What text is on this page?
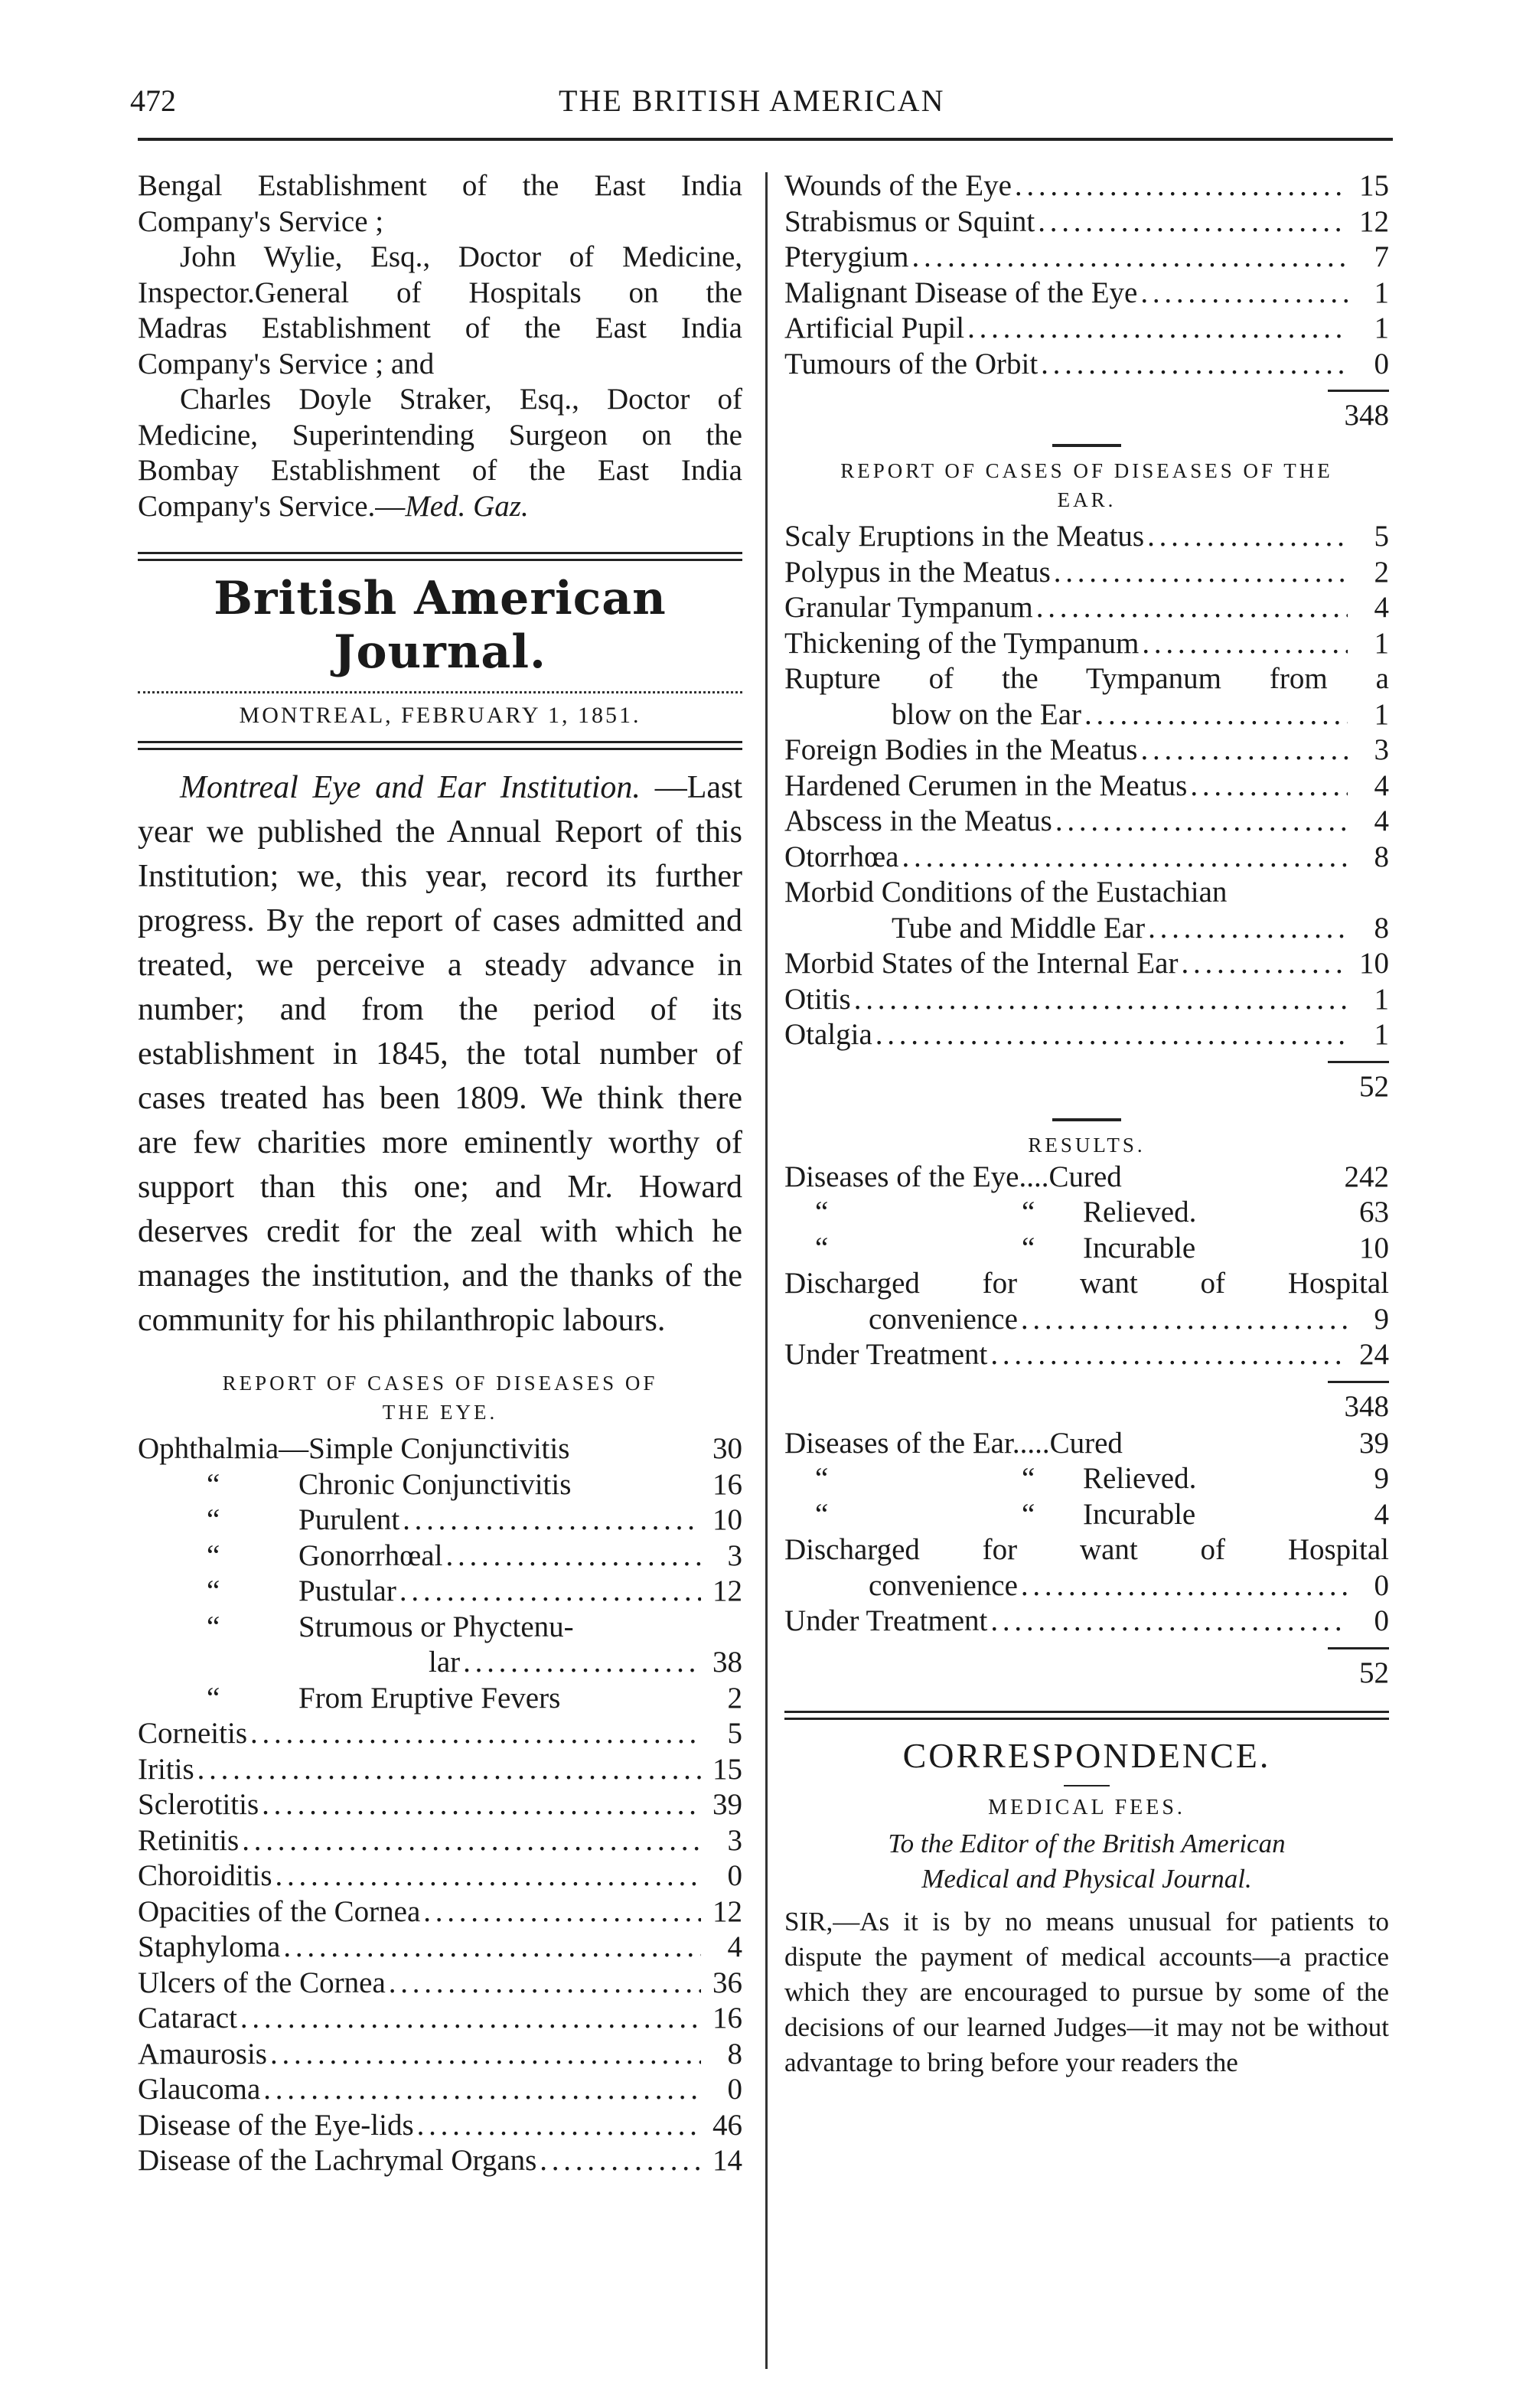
472	THE BRITISH AMERICAN
Bengal Establishment of the East India
Company's Service ;
John Wylie, Esq., Doctor of Medicine,
Inspector.General of Hospitals on the
Madras Establishment of the East India
Company's Service ; and
Charles Doyle Straker, Esq., Doctor of
Medicine, Superintending Surgeon on the
Bombay Establishment of the East India
Company's Service.—Med. Gaz.
British American Journal.
MONTREAL, FEBRUARY 1, 1851.
Montreal Eye and Ear Institution. —Last year we published the Annual Report of this Institution; we, this year, record its further progress. By the report of cases admitted and treated, we perceive a steady advance in number; and from the period of its establishment in 1845, the total number of cases treated has been 1809. We think there are few charities more eminently worthy of support than this one; and Mr. Howard deserves credit for the zeal with which he manages the institution, and the thanks of the community for his philanthropic labours.
REPORT OF CASES OF DISEASES OF
THE EYE.
Ophthalmia—Simple Conjunctivitis	30
“	Chronic Conjunctivitis	16
“	Purulent . . .	10
“	Gonorrhœal . . .	3
“	Pustular . . .	12
“	Strumous or Phyctenu-
lar . . .	38
“	From Eruptive Fevers	2
Corneitis . . .	5
Iritis . . .	15
Sclerotitis . . .	39
Retinitis . . .	3
Choroiditis . . .	0
Opacities of the Cornea . . .	12
Staphyloma . . .	4
Ulcers of the Cornea . . .	36
Cataract . . .	16
Amaurosis . . .	8
Glaucoma . . .	0
Disease of the Eye-lids . . .	46
Disease of the Lachrymal Organs . . .	14
Wounds of the Eye . . .	15
Strabismus or Squint . . .	12
Pterygium . . .	7
Malignant Disease of the Eye . . .	1
Artificial Pupil . . .	1
Tumours of the Orbit . . .	0
348
REPORT OF CASES OF DISEASES OF THE
EAR.
Scaly Eruptions in the Meatus . . .	5
Polypus in the Meatus . . .	2
Granular Tympanum . . .	4
Thickening of the Tympanum . . .	1
Rupture of the Tympanum from a
blow on the Ear . . .	1
Foreign Bodies in the Meatus . . .	3
Hardened Cerumen in the Meatus . . .	4
Abscess in the Meatus . . .	4
Otorrhœa . . .	8
Morbid Conditions of the Eustachian
Tube and Middle Ear . . .	8
Morbid States of the Internal Ear . . .	10
Otitis . . .	1
Otalgia . . .	1
52
RESULTS.
Diseases of the Eye....Cured	242
“	“	Relieved.	63
“	“	Incurable	10
Discharged for want of Hospital
convenience . . .	9
Under Treatment . . .	24
348
Diseases of the Ear.....Cured	39
“	“	Relieved.	9
“	“	Incurable	4
Discharged for want of Hospital
convenience . . .	0
Under Treatment . . .	0
52
CORRESPONDENCE.
MEDICAL FEES.
To the Editor of the British American
Medical and Physical Journal.
SIR,—As it is by no means unusual for patients to dispute the payment of medical accounts—a practice which they are encouraged to pursue by some of the decisions of our learned Judges—it may not be without advantage to bring before your readers the
